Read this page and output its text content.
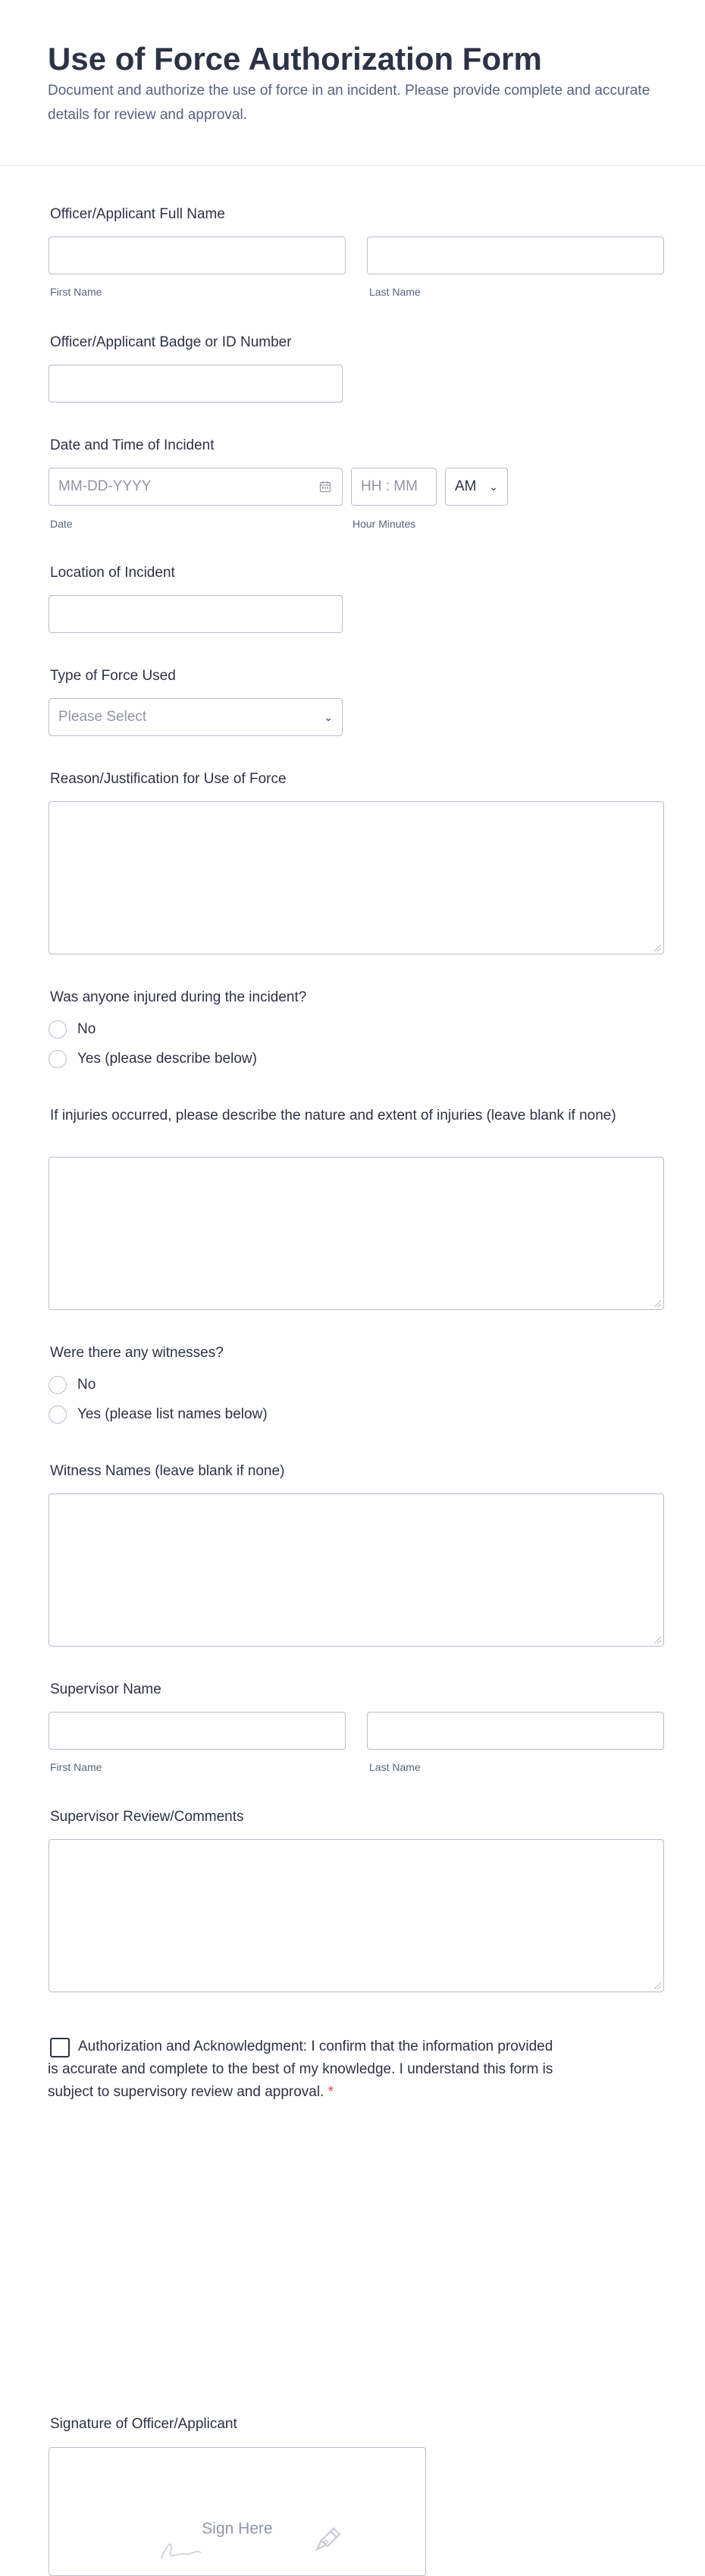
Use of Force Authorization Form

Document and authorize the use of force in an incident. Please provide complete and accurate details for review and approval.

Officer/Applicant Full Name
First Name	Last Name
Officer/Applicant Badge or ID Number
Date and Time of Incident
MM-DD-YYYY
Date
HH : MM
Hour Minutes
AM ⌄
Location of Incident
Type of Force Used
Please Select	⌄
Reason/Justification for Use of Force
Was anyone injured during the incident?
No
Yes (please describe below)
If injuries occurred, please describe the nature and extent of injuries (leave blank if none)
Were there any witnesses?
No
Yes (please list names below)
Witness Names (leave blank if none)
Supervisor Name
First Name	Last Name
Supervisor Review/Comments
Authorization and Acknowledgment: I confirm that the information provided is accurate and complete to the best of my knowledge. I understand this form is subject to supervisory review and approval. *
Signature of Officer/Applicant
Sign Here
